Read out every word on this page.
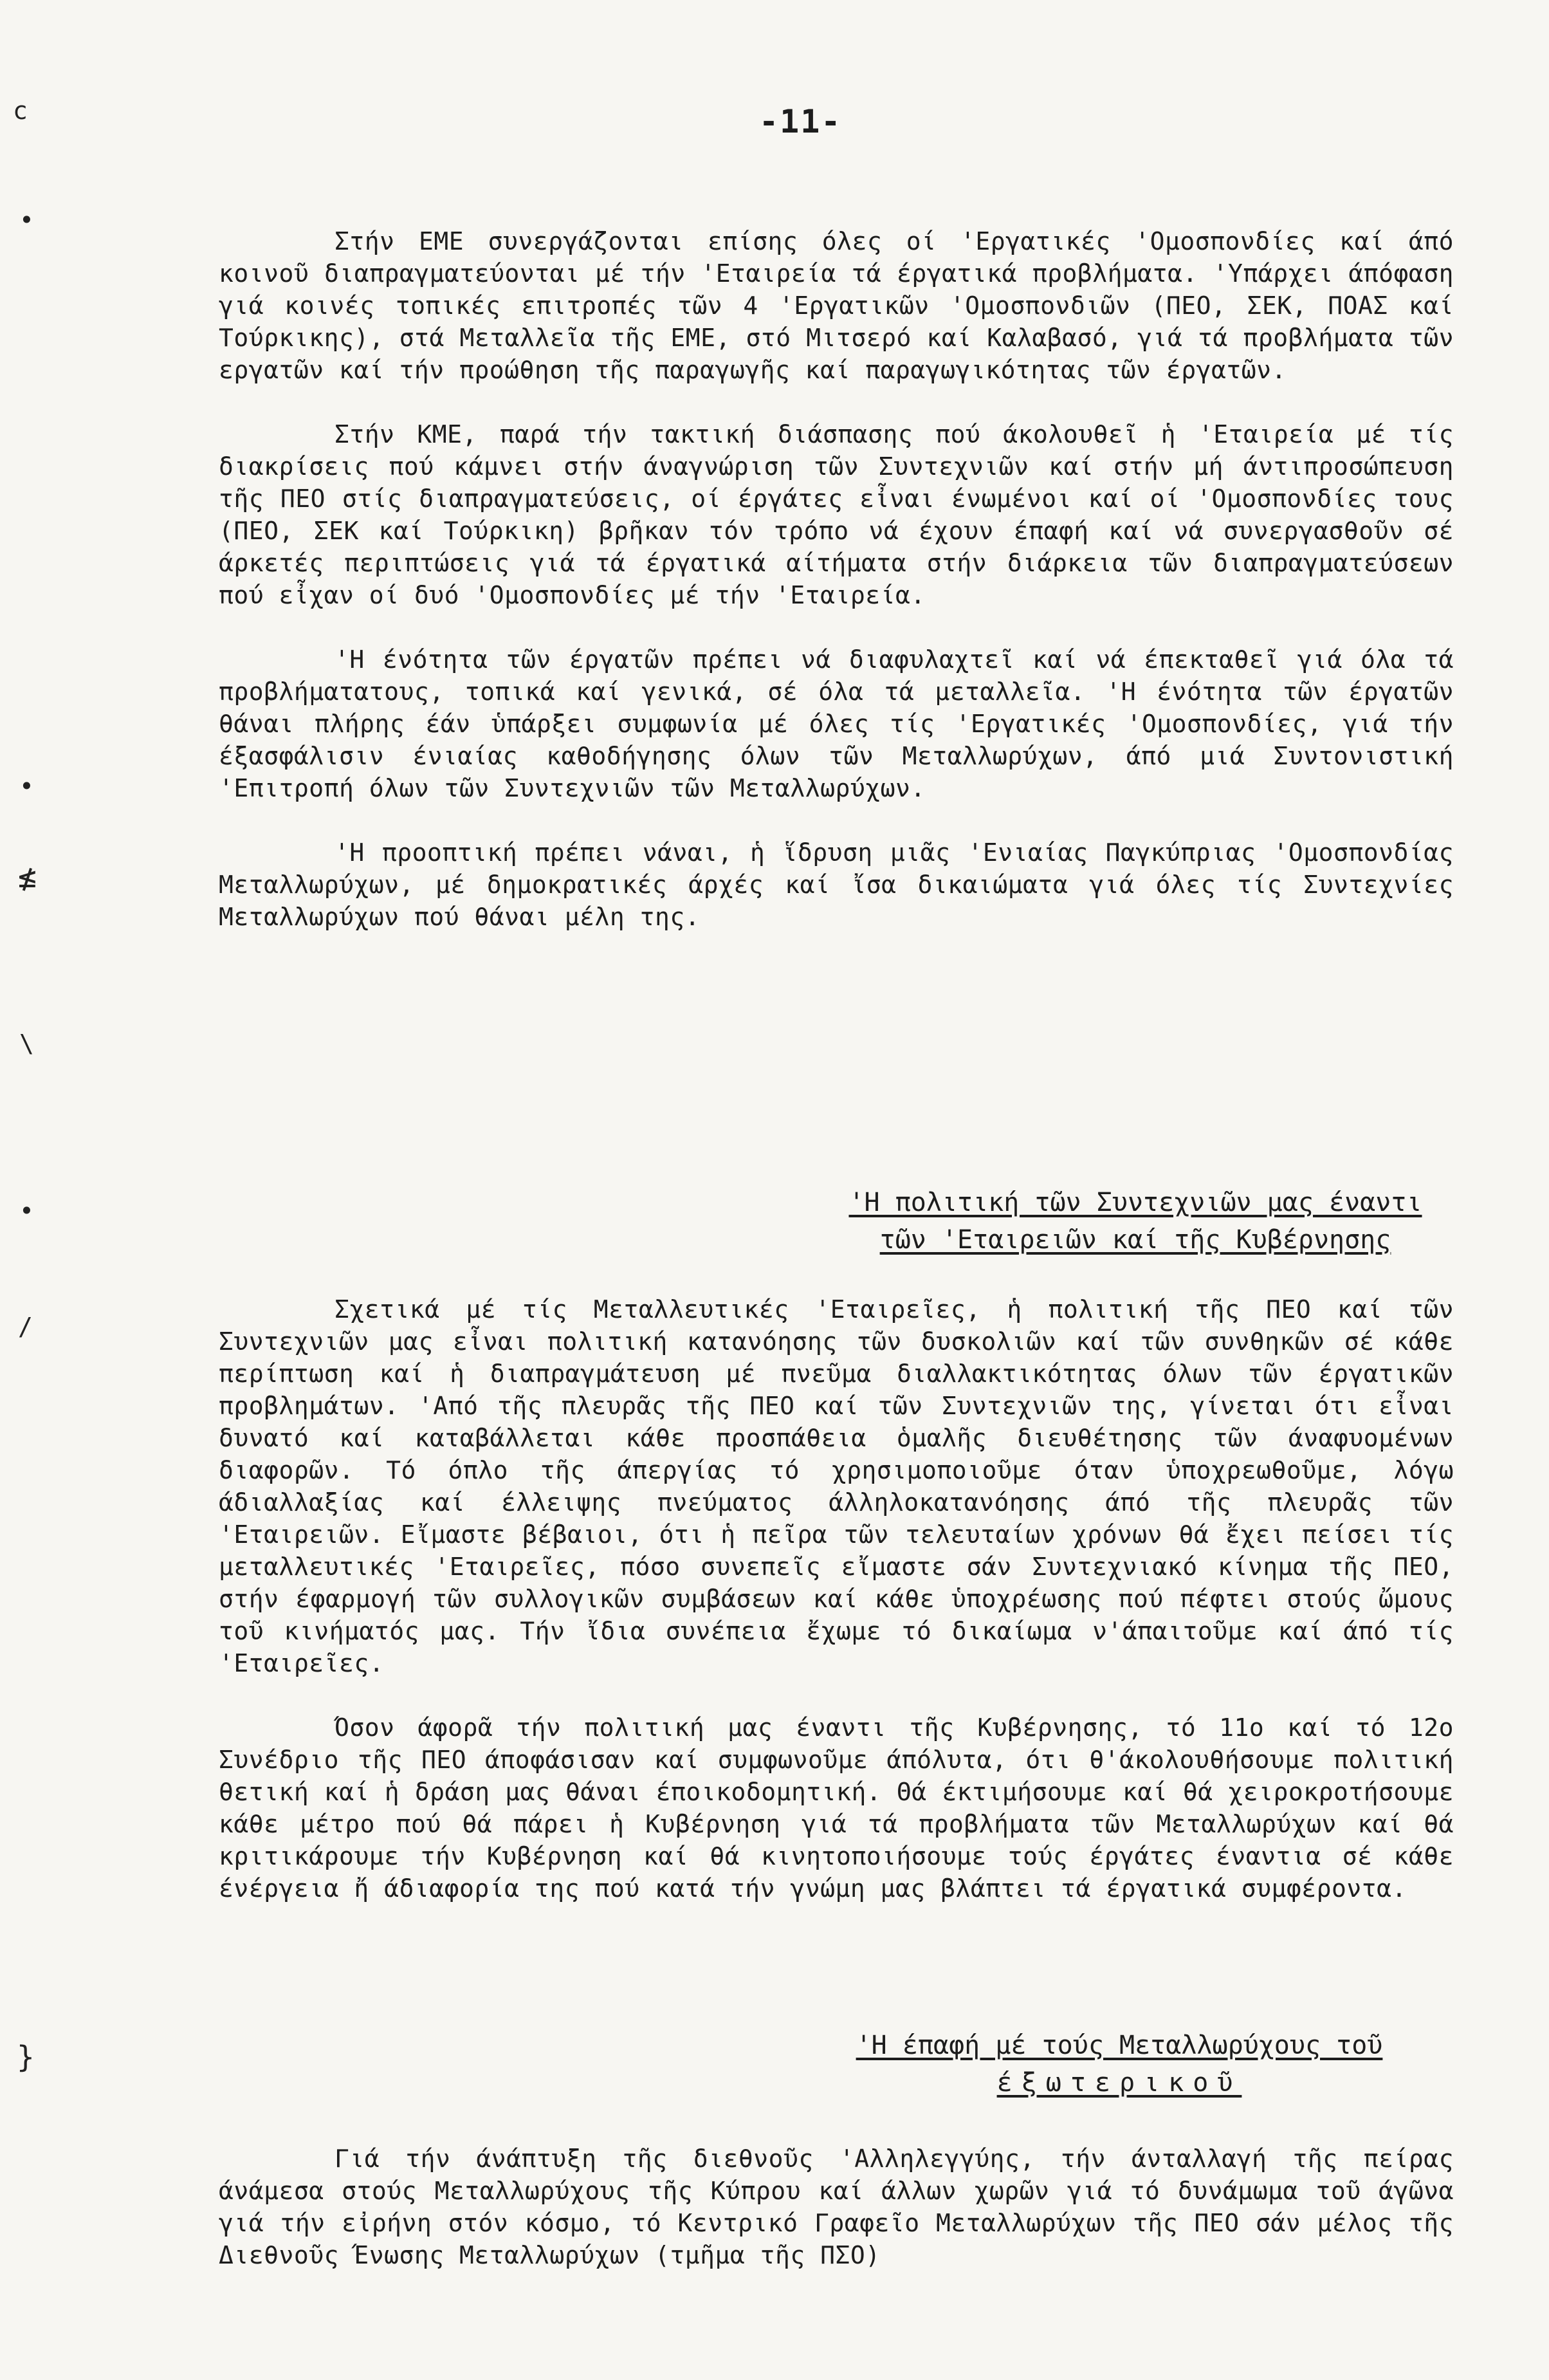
-11-
c
•
•
≰
\
•
/
}

Στήν ΕΜΕ συνεργάζονται επίσης όλες οί 'Εργατικές 'Ομοσπονδίες καί άπό κοινοῦ διαπραγματεύονται μέ τήν 'Εταιρεία τά έργατικά προβλήματα. 'Υπάρχει άπόφαση γιά κοινές τοπικές επιτροπές τῶν 4 'Εργατικῶν 'Ομοσπονδιῶν (ΠΕΟ, ΣΕΚ, ΠΟΑΣ καί Τούρκικης), στά Μεταλλεῖα τῆς ΕΜΕ, στό Μιτσερό καί Καλαβασό, γιά τά προβλήματα τῶν εργατῶν καί τήν προώθηση τῆς παραγωγῆς καί παραγωγικότητας τῶν έργατῶν.

Στήν ΚΜΕ, παρά τήν τακτική διάσπασης πού άκολουθεῖ ἡ 'Εταιρεία μέ τίς διακρίσεις πού κάμνει στήν άναγνώριση τῶν Συντεχνιῶν καί στήν μή άντιπροσώπευση τῆς ΠΕΟ στίς διαπραγματεύσεις, οί έργάτες εἶναι ένωμένοι καί οί 'Ομοσπονδίες τους (ΠΕΟ, ΣΕΚ καί Τούρκικη) βρῆκαν τόν τρόπο νά έχουν έπαφή καί νά συνεργασθοῦν σέ άρκετές περιπτώσεις γιά τά έργατικά αίτήματα στήν διάρκεια τῶν διαπραγματεύσεων πού εἶχαν οί δυό 'Ομοσπονδίες μέ τήν 'Εταιρεία.

'Η ένότητα τῶν έργατῶν πρέπει νά διαφυλαχτεῖ καί νά έπεκταθεῖ γιά όλα τά προβλήματατους, τοπικά καί γενικά, σέ όλα τά μεταλλεῖα. 'Η ένότητα τῶν έργατῶν θάναι πλήρης έάν ὑπάρξει συμφωνία μέ όλες τίς 'Εργατικές 'Ομοσπονδίες, γιά τήν έξασφάλισιν ένιαίας καθοδήγησης όλων τῶν Μεταλλωρύχων, άπό μιά Συντονιστική 'Επιτροπή όλων τῶν Συντεχνιῶν τῶν Μεταλλωρύχων.

'Η προοπτική πρέπει νάναι, ἡ ἵδρυση μιᾶς 'Ενιαίας Παγκύπριας 'Ομοσπονδίας Μεταλλωρύχων, μέ δημοκρατικές άρχές καί ἴσα δικαιώματα γιά όλες τίς Συντεχνίες Μεταλλωρύχων πού θάναι μέλη της.

'Η πολιτική τῶν Συντεχνιῶν μας έναντι
τῶν 'Εταιρειῶν καί τῆς Κυβέρνησης

Σχετικά μέ τίς Μεταλλευτικές 'Εταιρεῖες, ἡ πολιτική τῆς ΠΕΟ καί τῶν Συντεχνιῶν μας εἶναι πολιτική κατανόησης τῶν δυσκολιῶν καί τῶν συνθηκῶν σέ κάθε περίπτωση καί ἡ διαπραγμάτευση μέ πνεῦμα διαλλακτικότητας όλων τῶν έργατικῶν προβλημάτων. 'Από τῆς πλευρᾶς τῆς ΠΕΟ καί τῶν Συντεχνιῶν της, γίνεται ότι εἶναι δυνατό καί καταβάλλεται κάθε προσπάθεια ὁμαλῆς διευθέτησης τῶν άναφυομένων διαφορῶν. Τό όπλο τῆς άπεργίας τό χρησιμοποιοῦμε όταν ὑποχρεωθοῦμε, λόγω άδιαλλαξίας καί έλλειψης πνεύματος άλληλοκατανόησης άπό τῆς πλευρᾶς τῶν 'Εταιρειῶν. Εἴμαστε βέβαιοι, ότι ἡ πεῖρα τῶν τελευταίων χρόνων θά ἔχει πείσει τίς μεταλλευτικές 'Εταιρεῖες, πόσο συνεπεῖς εἴμαστε σάν Συντεχνιακό κίνημα τῆς ΠΕΟ, στήν έφαρμογή τῶν συλλογικῶν συμβάσεων καί κάθε ὑποχρέωσης πού πέφτει στούς ὤμους τοῦ κινήματός μας. Τήν ἴδια συνέπεια ἔχωμε τό δικαίωμα ν'άπαιτοῦμε καί άπό τίς 'Εταιρεῖες.

Όσον άφορᾶ τήν πολιτική μας έναντι τῆς Κυβέρνησης, τό 11ο καί τό 12ο Συνέδριο τῆς ΠΕΟ άποφάσισαν καί συμφωνοῦμε άπόλυτα, ότι θ'άκολουθήσουμε πολιτική θετική καί ἡ δράση μας θάναι έποικοδομητική. Θά έκτιμήσουμε καί θά χειροκροτήσουμε κάθε μέτρο πού θά πάρει ἡ Κυβέρνηση γιά τά προβλήματα τῶν Μεταλλωρύχων καί θά κριτικάρουμε τήν Κυβέρνηση καί θά κινητοποιήσουμε τούς έργάτες έναντια σέ κάθε ένέργεια ἤ άδιαφορία της πού κατά τήν γνώμη μας βλάπτει τά έργατικά συμφέροντα.

'Η έπαφή μέ τούς Μεταλλωρύχους τοῦ
έξωτερικοῦ

Γιά τήν άνάπτυξη τῆς διεθνοῦς 'Αλληλεγγύης, τήν άνταλλαγή τῆς πείρας άνάμεσα στούς Μεταλλωρύχους τῆς Κύπρου καί άλλων χωρῶν γιά τό δυνάμωμα τοῦ άγῶνα γιά τήν εἰρήνη στόν κόσμο, τό Κεντρικό Γραφεῖο Μεταλλωρύχων τῆς ΠΕΟ σάν μέλος τῆς Διεθνοῦς Ένωσης Μεταλλωρύχων (τμῆμα τῆς ΠΣΟ)
